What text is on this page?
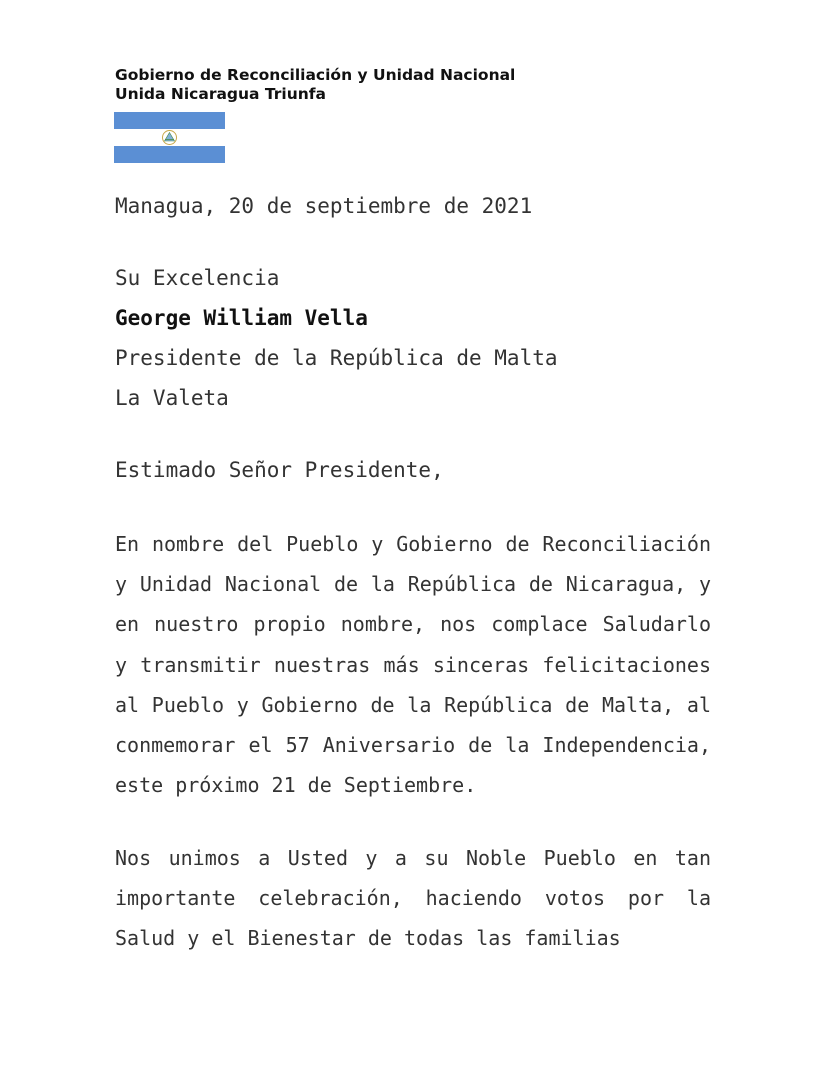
Gobierno de Reconciliación y Unidad Nacional
Unida Nicaragua Triunfa
Managua, 20 de septiembre de 2021
Su Excelencia
George William Vella
Presidente de la República de Malta
La Valeta
Estimado Señor Presidente,
En nombre del Pueblo y Gobierno de Reconciliación y Unidad Nacional de la República de Nicaragua, y en nuestro propio nombre, nos complace Saludarlo y transmitir nuestras más sinceras felicitaciones al Pueblo y Gobierno de la República de Malta, al conmemorar el 57 Aniversario de la Independencia, este próximo 21 de Septiembre.
Nos unimos a Usted y a su Noble Pueblo en tan importante celebración, haciendo votos por la Salud y el Bienestar de todas las familias
